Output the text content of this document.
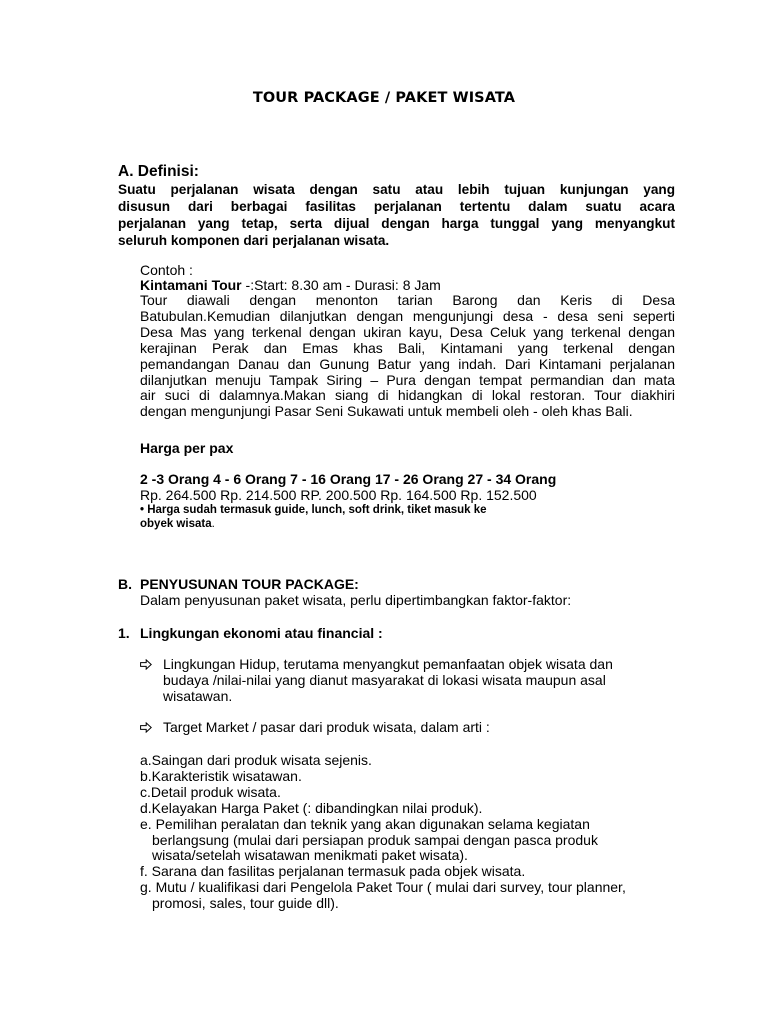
TOUR PACKAGE / PAKET WISATA
A. Definisi:
Suatu perjalanan wisata dengan satu atau lebih tujuan kunjungan yang
disusun dari berbagai fasilitas perjalanan tertentu dalam suatu acara
perjalanan yang tetap, serta dijual dengan harga tunggal yang menyangkut
seluruh komponen dari perjalanan wisata.
Contoh :
Kintamani Tour -:Start: 8.30 am - Durasi: 8 Jam
Tour diawali dengan menonton tarian Barong dan Keris di Desa
Batubulan.Kemudian dilanjutkan dengan mengunjungi desa - desa seni seperti
Desa Mas yang terkenal dengan ukiran kayu, Desa Celuk yang terkenal dengan
kerajinan Perak dan Emas khas Bali, Kintamani yang terkenal dengan
pemandangan Danau dan Gunung Batur yang indah. Dari Kintamani perjalanan
dilanjutkan menuju Tampak Siring – Pura dengan tempat permandian dan mata
air suci di dalamnya.Makan siang di hidangkan di lokal restoran. Tour diakhiri
dengan mengunjungi Pasar Seni Sukawati untuk membeli oleh - oleh khas Bali.
Harga per pax
2 -3 Orang 4 - 6 Orang 7 - 16 Orang 17 - 26 Orang 27 - 34 Orang
Rp. 264.500 Rp. 214.500 RP. 200.500 Rp. 164.500 Rp. 152.500
• Harga sudah termasuk guide, lunch, soft drink, tiket masuk ke
obyek wisata.
B. PENYUSUNAN TOUR PACKAGE:
Dalam penyusunan paket wisata, perlu dipertimbangkan faktor-faktor:
1. Lingkungan ekonomi atau financial :
Lingkungan Hidup, terutama menyangkut pemanfaatan objek wisata dan
budaya /nilai-nilai yang dianut masyarakat di lokasi wisata maupun asal
wisatawan.
Target Market / pasar dari produk wisata, dalam arti :
a.Saingan dari produk wisata sejenis.
b.Karakteristik wisatawan.
c.Detail produk wisata.
d.Kelayakan Harga Paket (: dibandingkan nilai produk).
e. Pemilihan peralatan dan teknik yang akan digunakan selama kegiatan
berlangsung (mulai dari persiapan produk sampai dengan pasca produk
wisata/setelah wisatawan menikmati paket wisata).
f. Sarana dan fasilitas perjalanan termasuk pada objek wisata.
g. Mutu / kualifikasi dari Pengelola Paket Tour ( mulai dari survey, tour planner,
promosi, sales, tour guide dll).
